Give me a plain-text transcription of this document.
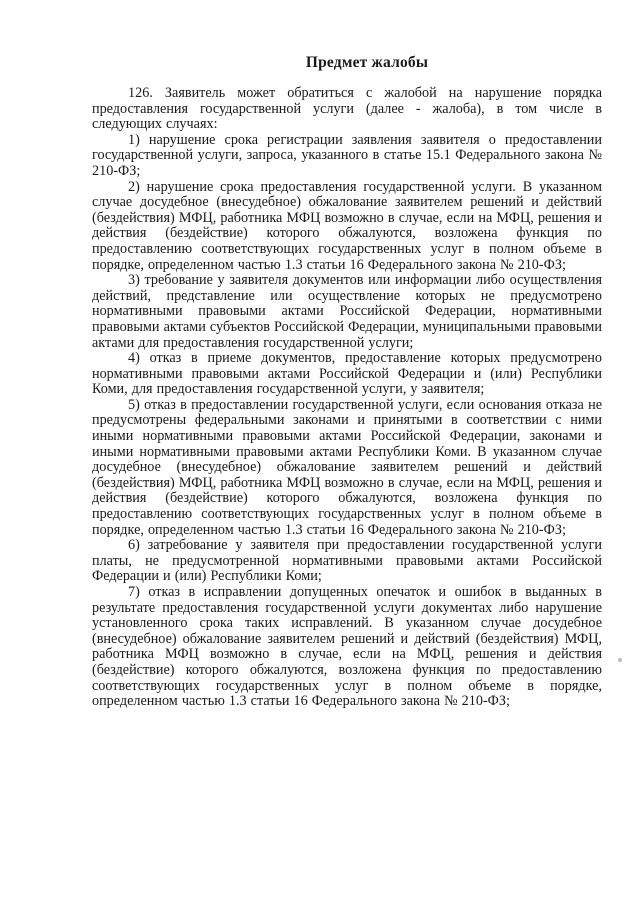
Предмет жалобы

126. Заявитель может обратиться с жалобой на нарушение порядка предоставления государственной услуги (далее - жалоба), в том числе в следующих случаях:

1) нарушение срока регистрации заявления заявителя о предоставлении государственной услуги, запроса, указанного в статье 15.1 Федерального закона № 210-ФЗ;

2) нарушение срока предоставления государственной услуги. В указанном случае досудебное (внесудебное) обжалование заявителем решений и действий (бездействия) МФЦ, работника МФЦ возможно в случае, если на МФЦ, решения и действия (бездействие) которого обжалуются, возложена функция по предоставлению соответствующих государственных услуг в полном объеме в порядке, определенном частью 1.3 статьи 16 Федерального закона № 210-ФЗ;

3) требование у заявителя документов или информации либо осуществления действий, представление или осуществление которых не предусмотрено нормативными правовыми актами Российской Федерации, нормативными правовыми актами субъектов Российской Федерации, муниципальными правовыми актами для предоставления государственной услуги;

4) отказ в приеме документов, предоставление которых предусмотрено нормативными правовыми актами Российской Федерации и (или) Республики Коми, для предоставления государственной услуги, у заявителя;

5) отказ в предоставлении государственной услуги, если основания отказа не предусмотрены федеральными законами и принятыми в соответствии с ними иными нормативными правовыми актами Российской Федерации, законами и иными нормативными правовыми актами Республики Коми. В указанном случае досудебное (внесудебное) обжалование заявителем решений и действий (бездействия) МФЦ, работника МФЦ возможно в случае, если на МФЦ, решения и действия (бездействие) которого обжалуются, возложена функция по предоставлению соответствующих государственных услуг в полном объеме в порядке, определенном частью 1.3 статьи 16 Федерального закона № 210-ФЗ;

6) затребование у заявителя при предоставлении государственной услуги платы, не предусмотренной нормативными правовыми актами Российской Федерации и (или) Республики Коми;

7) отказ в исправлении допущенных опечаток и ошибок в выданных в результате предоставления государственной услуги документах либо нарушение установленного срока таких исправлений. В указанном случае досудебное (внесудебное) обжалование заявителем решений и действий (бездействия) МФЦ, работника МФЦ возможно в случае, если на МФЦ, решения и действия (бездействие) которого обжалуются, возложена функция по предоставлению соответствующих государственных услуг в полном объеме в порядке, определенном частью 1.3 статьи 16 Федерального закона № 210-ФЗ;
